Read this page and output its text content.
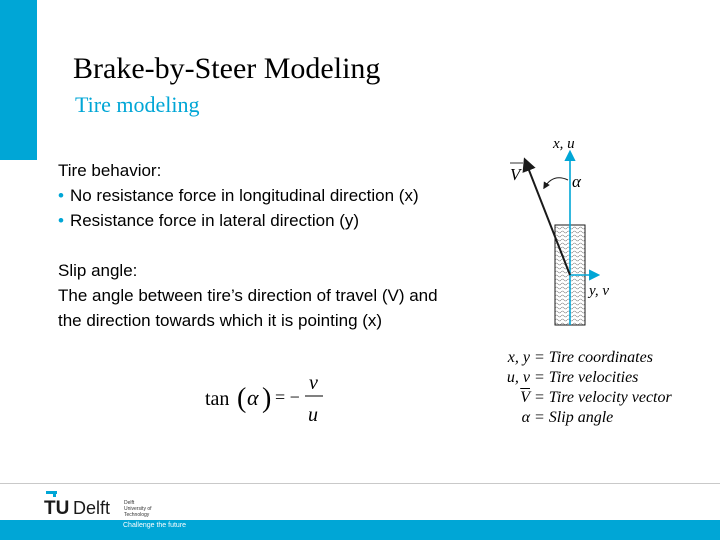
Brake-by-Steer Modeling
Tire modeling

Tire behavior:

• No resistance force in longitudinal direction (x)

• Resistance force in lateral direction (y)

Slip angle:

The angle between tire’s direction of travel (V) and

the direction towards which it is pointing (x)

tan ( α ) = −
v
u
x, u
y, v
V	α
x, y = Tire coordinates
u, v = Tire velocities
$\overline{V}$ = Tire velocity vector
α = Slip angle
TU Delft	Delft
University of
Technology
Challenge the future
